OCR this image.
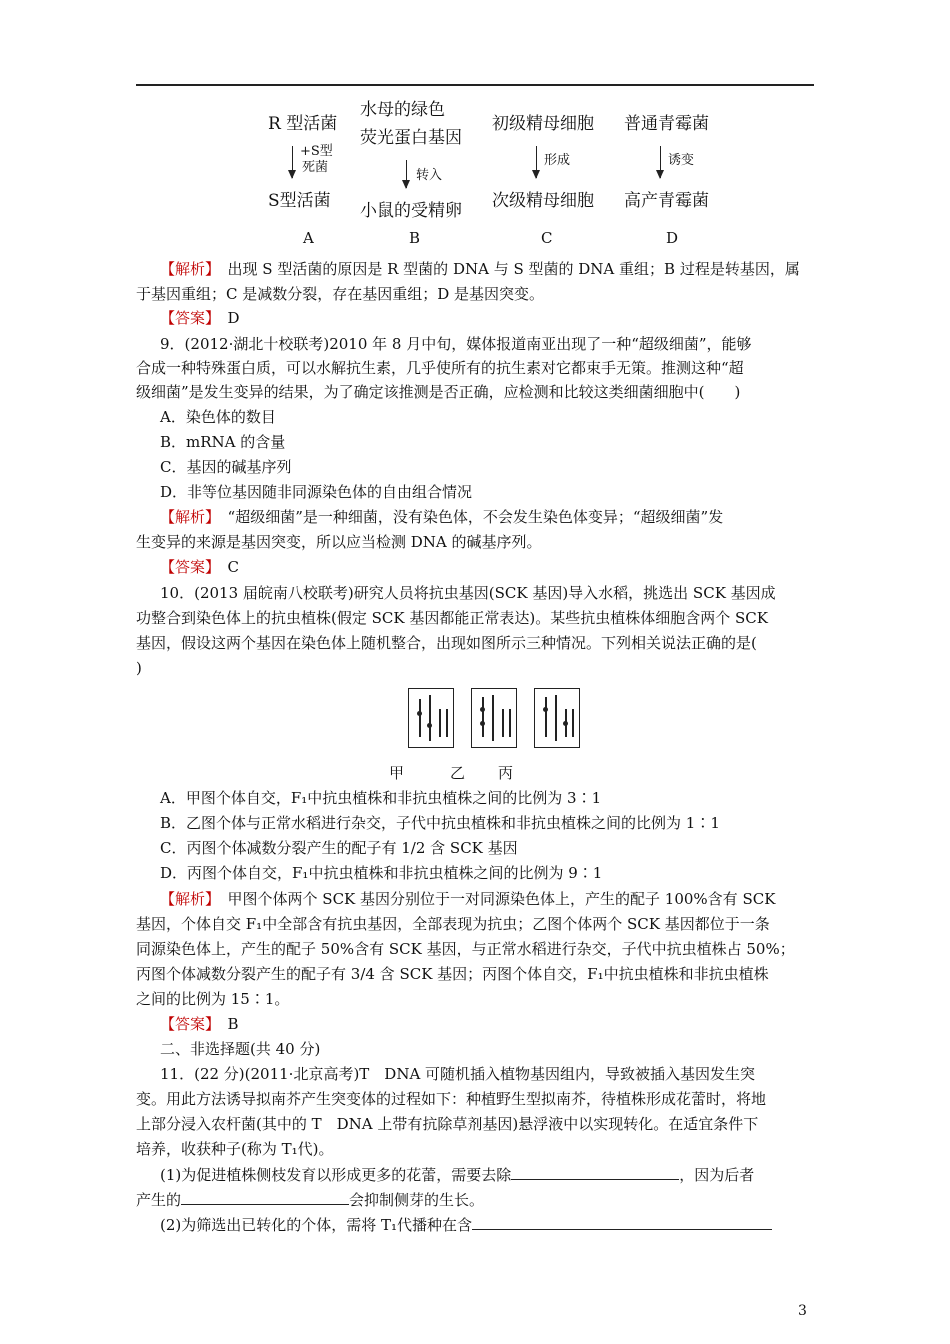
R 型活菌
+S型
死菌
S型活菌
A
水母的绿色
荧光蛋白基因
转入
小鼠的受精卵
B
初级精母细胞
形成
次级精母细胞
C
普通青霉菌
诱变
高产青霉菌
D
【解析】　 出现 S 型活菌的原因是 R 型菌的 DNA 与 S 型菌的 DNA 重组；B 过程是转基因，属
于基因重组；C 是减数分裂，存在基因重组；D 是基因突变。
【答案】　 D
9．(2012·湖北十校联考)2010 年 8 月中旬，媒体报道南亚出现了一种“超级细菌”，能够
合成一种特殊蛋白质，可以水解抗生素，几乎使所有的抗生素对它都束手无策。推测这种“超
级细菌”是发生变异的结果，为了确定该推测是否正确，应检测和比较这类细菌细胞中(　　)
A．染色体的数目
B．mRNA 的含量
C．基因的碱基序列
D．非等位基因随非同源染色体的自由组合情况
【解析】　 “超级细菌”是一种细菌，没有染色体，不会发生染色体变异；“超级细菌”发
生变异的来源是基因突变，所以应当检测 DNA 的碱基序列。
【答案】　 C
10．(2013 届皖南八校联考)研究人员将抗虫基因(SCK 基因)导入水稻，挑选出 SCK 基因成
功整合到染色体上的抗虫植株(假定 SCK 基因都能正常表达)。某些抗虫植株体细胞含两个 SCK
基因，假设这两个基因在染色体上随机整合，出现如图所示三种情况。下列相关说法正确的是(
)
甲	乙 丙
A．甲图个体自交，F₁中抗虫植株和非抗虫植株之间的比例为 3∶1
B．乙图个体与正常水稻进行杂交，子代中抗虫植株和非抗虫植株之间的比例为 1∶1
C．丙图个体减数分裂产生的配子有 1/2 含 SCK 基因
D．丙图个体自交，F₁中抗虫植株和非抗虫植株之间的比例为 9∶1
【解析】　 甲图个体两个 SCK 基因分别位于一对同源染色体上，产生的配子 100%含有 SCK
基因，个体自交 F₁中全部含有抗虫基因，全部表现为抗虫；乙图个体两个 SCK 基因都位于一条
同源染色体上，产生的配子 50%含有 SCK 基因，与正常水稻进行杂交，子代中抗虫植株占 50%；
丙图个体减数分裂产生的配子有 3/4 含 SCK 基因；丙图个体自交，F₁中抗虫植株和非抗虫植株
之间的比例为 15∶1。
【答案】　 B
二、非选择题(共 40 分)
11．(22 分)(2011·北京高考)T　DNA 可随机插入植物基因组内，导致被插入基因发生突
变。用此方法诱导拟南芥产生突变体的过程如下：种植野生型拟南芥，待植株形成花蕾时，将地
上部分浸入农杆菌(其中的 T　DNA 上带有抗除草剂基因)悬浮液中以实现转化。在适宜条件下
培养，收获种子(称为 T₁代)。
(1)为促进植株侧枝发育以形成更多的花蕾，需要去除	，因为后者
产生的	会抑制侧芽的生长。
(2)为筛选出已转化的个体，需将 T₁代播种在含
3
